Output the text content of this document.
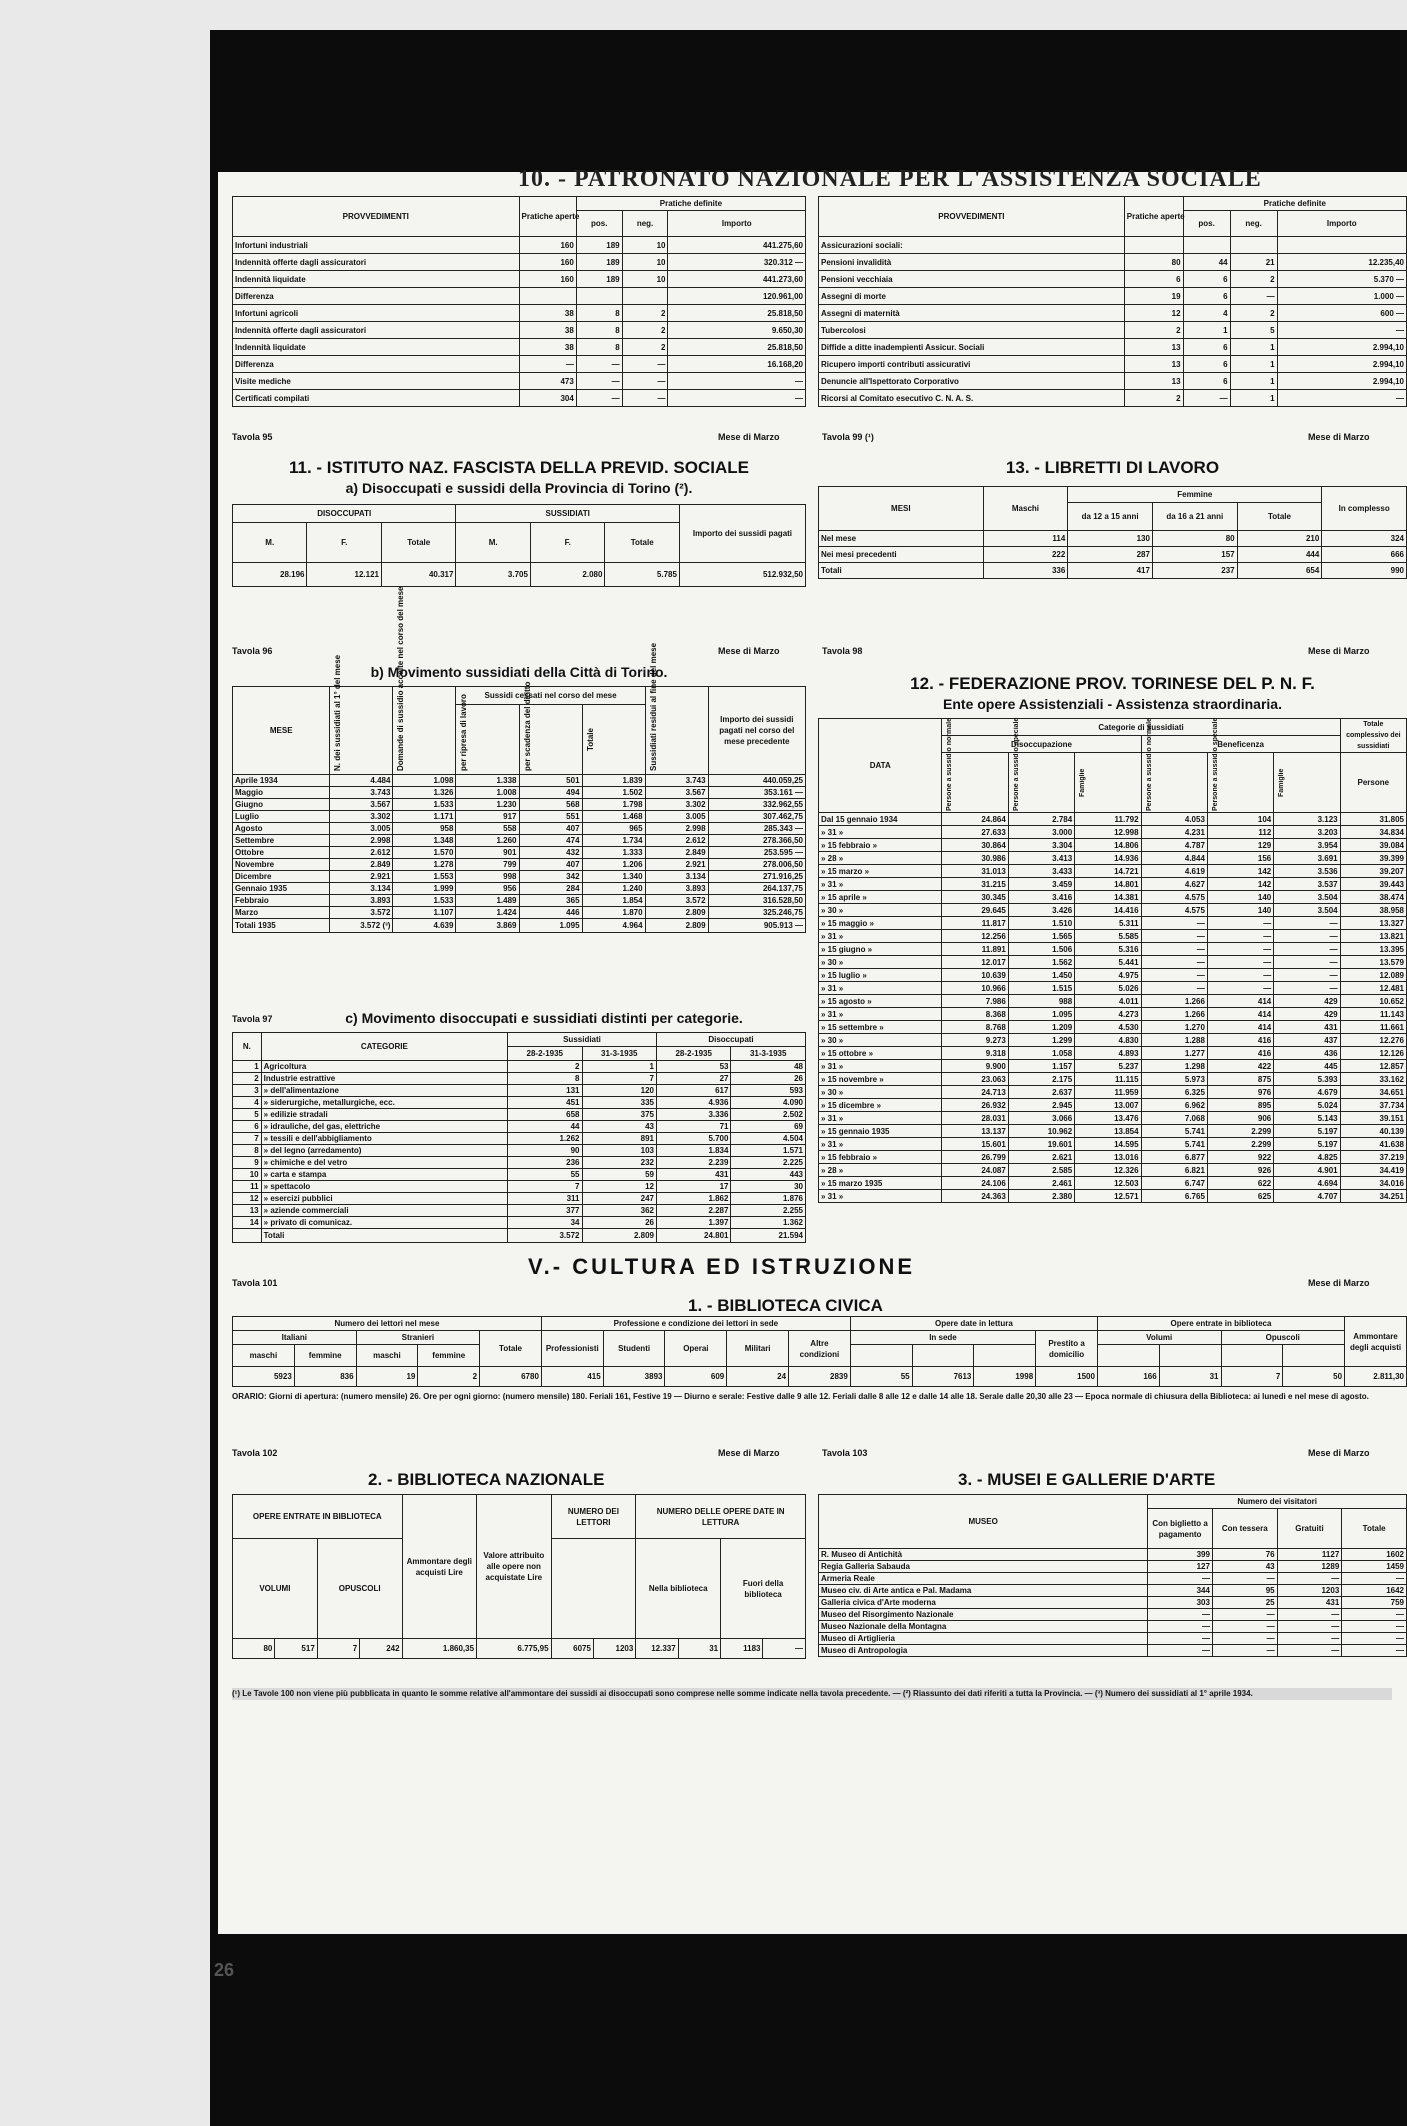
10. - PATRONATO NAZIONALE PER L'ASSISTENZA SOCIALE
PROVVEDIMENTI	Pratiche aperte	Pratiche definite		
		pos.	neg.	Importo
Infortuni industriali	160	189	10	441.275,60
Indennità offerte dagli assicuratori	160	189	10	320.312 —
Indennità liquidate	160	189	10	441.273,60
Differenza				120.961,00
Infortuni agricoli	38	8	2	25.818,50
Indennità offerte dagli assicuratori	38	8	2	9.650,30
Indennità liquidate	38	8	2	25.818,50
Differenza	—	—	—	16.168,20
Visite mediche	473	—	—	—
Certificati compilati	304	—	—	—
Tavola 95	Mese di Marzo
PROVVEDIMENTI	Pratiche aperte	Pratiche definite		
		pos.	neg.	Importo
Assicurazioni sociali:				
Pensioni invalidità	80	44	21	12.235,40
Pensioni vecchiaia	6	6	2	5.370 —
Assegni di morte	19	6	—	1.000 —
Assegni di maternità	12	4	2	600 —
Tubercolosi	2	1	5	—
Diffide a ditte inadempienti Assicur. Sociali	13	6	1	2.994,10
Ricupero importi contributi assicurativi	13	6	1	2.994,10
Denuncie all'Ispettorato Corporativo	13	6	1	2.994,10
Ricorsi al Comitato esecutivo C. N. A. S.	2	—	1	—
Tavola 99 (¹)	Mese di Marzo
11. - ISTITUTO NAZ. FASCISTA DELLA PREVID. SOCIALE
a) Disoccupati e sussidi della Provincia di Torino (²).
DISOCCUPATI			SUSSIDIATI			Importo dei sussidi pagati
M.	F.	Totale	M.	F.	Totale	
28.196	12.121	40.317	3.705	2.080	5.785	512.932,50
Tavola 96	Mese di Marzo
13. - LIBRETTI DI LAVORO
MESI	Maschi	Femmine			In complesso
		da 12 a 15 anni	da 16 a 21 anni	Totale	
Nel mese	114	130	80	210	324
Nei mesi precedenti	222	287	157	444	666
Totali	336	417	237	654	990
Tavola 98	Mese di Marzo
b) Movimento sussidiati della Città di Torino.
MESE	N. dei sussidiati al 1° del mese	Domande di sussidio accolte nel corso del mese	Sussidi cessati nel corso del mese			Sussidiati residui al fine del mese	Importo dei sussidi pagati nel corso del mese precedente

			per ripresa di lavoro	per scadenza del diritto	Totale		

Aprile 1934	4.484	1.098	1.338	501	1.839	3.743	440.059,25
Maggio	3.743	1.326	1.008	494	1.502	3.567	353.161 —
Giugno	3.567	1.533	1.230	568	1.798	3.302	332.962,55
Luglio	3.302	1.171	917	551	1.468	3.005	307.462,75
Agosto	3.005	958	558	407	965	2.998	285.343 —
Settembre	2.998	1.348	1.260	474	1.734	2.612	278.366,50
Ottobre	2.612	1.570	901	432	1.333	2.849	253.595 —
Novembre	2.849	1.278	799	407	1.206	2.921	278.006,50
Dicembre	2.921	1.553	998	342	1.340	3.134	271.916,25
Gennaio 1935	3.134	1.999	956	284	1.240	3.893	264.137,75
Febbraio	3.893	1.533	1.489	365	1.854	3.572	316.528,50
Marzo	3.572	1.107	1.424	446	1.870	2.809	325.246,75
Totali 1935	3.572 (³)	4.639	3.869	1.095	4.964	2.809	905.913 —
Tavola 97	c) Movimento disoccupati e sussidiati distinti per categorie.
N.	CATEGORIE	Sussidiati		Disoccupati	
		28-2-1935	31-3-1935	28-2-1935	31-3-1935
1	Agricoltura	2	1	53	48
2	Industrie estrattive	8	7	27	26
3	» dell'alimentazione	131	120	617	593
4	» siderurgiche, metallurgiche, ecc.	451	335	4.936	4.090
5	» edilizie stradali	658	375	3.336	2.502
6	» idrauliche, del gas, elettriche	44	43	71	69
7	» tessili e dell'abbigliamento	1.262	891	5.700	4.504
8	» del legno (arredamento)	90	103	1.834	1.571
9	» chimiche e del vetro	236	232	2.239	2.225
10	» carta e stampa	55	59	431	443
11	» spettacolo	7	12	17	30
12	» esercizi pubblici	311	247	1.862	1.876
13	» aziende commerciali	377	362	2.287	2.255
14	» privato di comunicaz.	34	26	1.397	1.362
	Totali	3.572	2.809	24.801	21.594
Tavola 101
12. - FEDERAZIONE PROV. TORINESE DEL P. N. F.
Ente opere Assistenziali - Assistenza straordinaria.
DATA	Categorie di sussidiati						Totale complessivo dei sussidiati
	Disoccupazione			Beneficenza			

	Persone a sussidio normale	Persone a sussidio speciale	Famiglie	Persone a sussidio normale	Persone a sussidio speciale	Famiglie	Persone
Dal 15 gennaio 1934	24.864	2.784	11.792	4.053	104	3.123	31.805
» 31 »	27.633	3.000	12.998	4.231	112	3.203	34.834
» 15 febbraio »	30.864	3.304	14.806	4.787	129	3.954	39.084
» 28 »	30.986	3.413	14.936	4.844	156	3.691	39.399
» 15 marzo »	31.013	3.433	14.721	4.619	142	3.536	39.207
» 31 »	31.215	3.459	14.801	4.627	142	3.537	39.443
» 15 aprile »	30.345	3.416	14.381	4.575	140	3.504	38.474
» 30 »	29.645	3.426	14.416	4.575	140	3.504	38.958
» 15 maggio »	11.817	1.510	5.311	—	—	—	13.327
» 31 »	12.256	1.565	5.585	—	—	—	13.821
» 15 giugno »	11.891	1.506	5.316	—	—	—	13.395
» 30 »	12.017	1.562	5.441	—	—	—	13.579
» 15 luglio »	10.639	1.450	4.975	—	—	—	12.089
» 31 »	10.966	1.515	5.026	—	—	—	12.481
» 15 agosto »	7.986	988	4.011	1.266	414	429	10.652
» 31 »	8.368	1.095	4.273	1.266	414	429	11.143
» 15 settembre »	8.768	1.209	4.530	1.270	414	431	11.661
» 30 »	9.273	1.299	4.830	1.288	416	437	12.276
» 15 ottobre »	9.318	1.058	4.893	1.277	416	436	12.126
» 31 »	9.900	1.157	5.237	1.298	422	445	12.857
» 15 novembre »	23.063	2.175	11.115	5.973	875	5.393	33.162
» 30 »	24.713	2.637	11.959	6.325	976	4.679	34.651
» 15 dicembre »	26.932	2.945	13.007	6.962	895	5.024	37.734
» 31 »	28.031	3.066	13.476	7.068	906	5.143	39.151
» 15 gennaio 1935	13.137	10.962	13.854	5.741	2.299	5.197	40.139
» 31 »	15.601	19.601	14.595	5.741	2.299	5.197	41.638
» 15 febbraio »	26.799	2.621	13.016	6.877	922	4.825	37.219
» 28 »	24.087	2.585	12.326	6.821	926	4.901	34.419
» 15 marzo 1935	24.106	2.461	12.503	6.747	622	4.694	34.016
» 31 »	24.363	2.380	12.571	6.765	625	4.707	34.251
Mese di Marzo
V.- CULTURA ED ISTRUZIONE
1. - BIBLIOTECA CIVICA
Numero dei lettori nel mese					Professione e condizione dei lettori in sede					Opere date in lettura				Opere entrate in biblioteca				Ammontare degli acquisti
Italiani		Stranieri		Totale	Professionisti	Studenti	Operai	Militari	Altre condizioni	In sede			Prestito a domicilio	Volumi		Opuscoli		
maschi	femmine	maschi	femmine															
5923	836	19	2	6780	415	3893	609	24	2839	55	7613	1998	1500	166	31	7	50	2.811,30
ORARIO: Giorni di apertura: (numero mensile) 26. Ore per ogni giorno: (numero mensile) 180. Feriali 161, Festive 19 — Diurno e serale: Festive dalle 9 alle 12. Feriali dalle 8 alle 12 e dalle 14 alle 18. Serale dalle 20,30 alle 23 — Epoca normale di chiusura della Biblioteca: ai lunedì e nel mese di agosto.
Tavola 102	Mese di Marzo	Tavola 103	Mese di Marzo
2. - BIBLIOTECA NAZIONALE
OPERE ENTRATE IN BIBLIOTECA				Ammontare degli acquisti Lire	Valore attribuito alle opere non acquistate Lire	NUMERO DEI LETTORI		NUMERO DELLE OPERE DATE IN LETTURA			
VOLUMI		OPUSCOLI						Nella biblioteca		Fuori della biblioteca	
80	517	7	242	1.860,35	6.775,95	6075	1203	12.337	31	1183	—
3. - MUSEI E GALLERIE D'ARTE
MUSEO	Numero dei visitatori			
	Con biglietto a pagamento	Con tessera	Gratuiti	Totale
R. Museo di Antichità	399	76	1127	1602
Regia Galleria Sabauda	127	43	1289	1459
Armeria Reale	—	—	—	—
Museo civ. di Arte antica e Pal. Madama	344	95	1203	1642
Galleria civica d'Arte moderna	303	25	431	759
Museo del Risorgimento Nazionale	—	—	—	—
Museo Nazionale della Montagna	—	—	—	—
Museo di Artiglieria	—	—	—	—
Museo di Antropologia	—	—	—	—
(¹) Le Tavole 100 non viene più pubblicata in quanto le somme relative all'ammontare dei sussidi ai disoccupati sono comprese nelle somme indicate nella tavola precedente. — (²) Riassunto dei dati riferiti a tutta la Provincia. — (³) Numero dei sussidiati al 1° aprile 1934.
26
